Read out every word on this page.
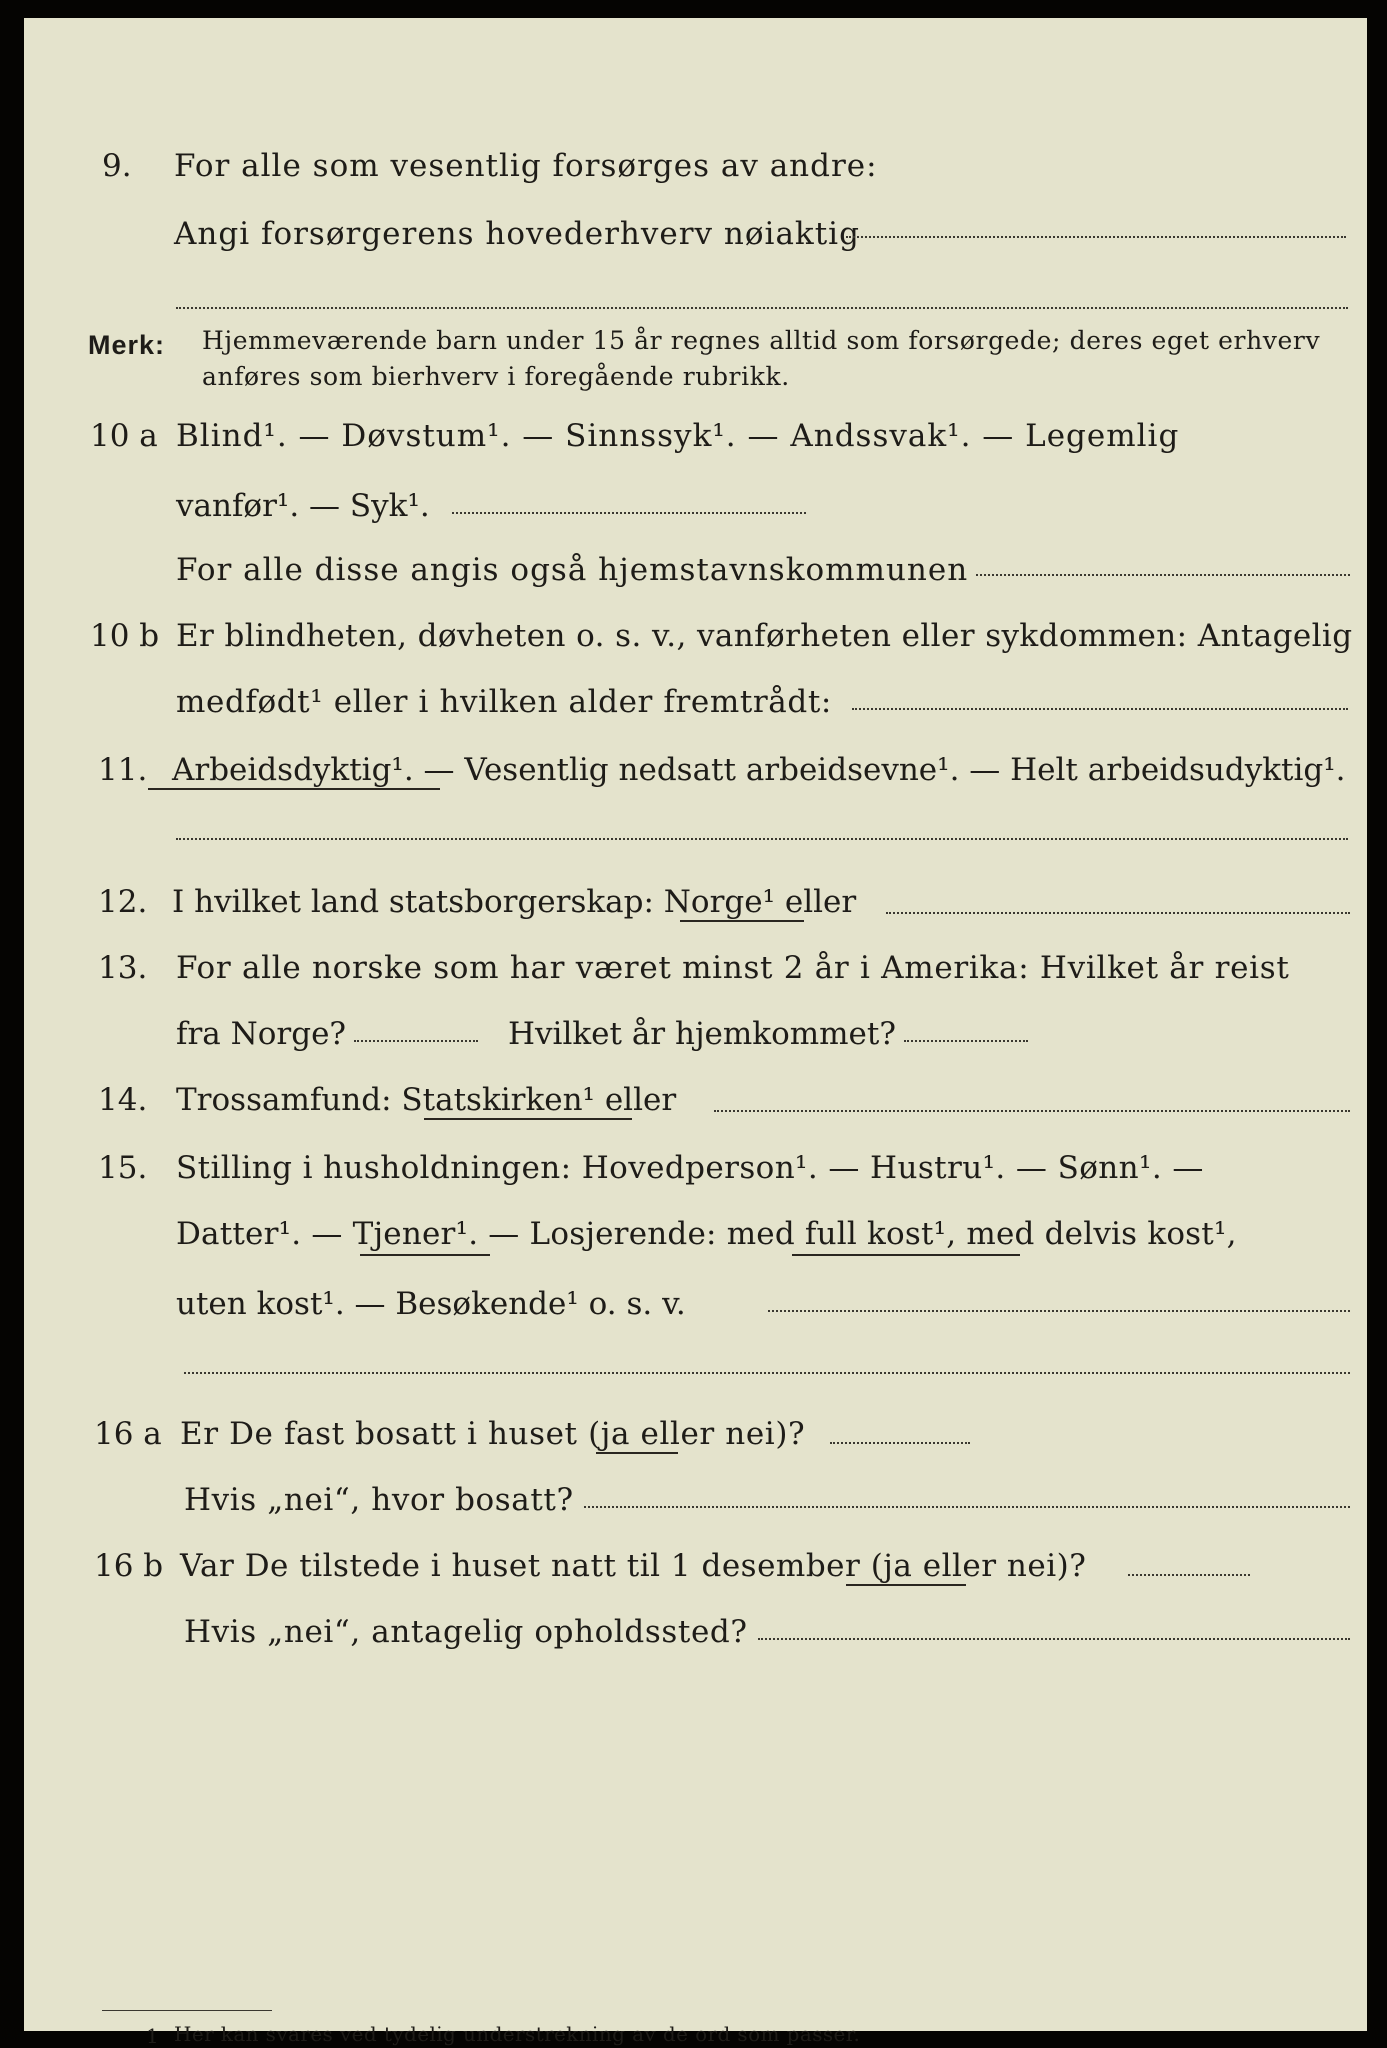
9. For alle som vesentlig forsørges av andre:
Angi forsørgerens hovederhverv nøiaktig
Merk: Hjemmeværende barn under 15 år regnes alltid som forsørgede; deres eget erhverv
anføres som bierhverv i foregående rubrikk.
10 a Blind¹. — Døvstum¹. — Sinnssyk¹. — Andssvak¹. — Legemlig
vanfør¹. — Syk¹.
For alle disse angis også hjemstavnskommunen
10 b Er blindheten, døvheten o. s. v., vanførheten eller sykdommen: Antagelig
medfødt¹ eller i hvilken alder fremtrådt:
11. Arbeidsdyktig¹. — Vesentlig nedsatt arbeidsevne¹. — Helt arbeidsudyktig¹.
12. I hvilket land statsborgerskap: Norge¹ eller
13. For alle norske som har været minst 2 år i Amerika: Hvilket år reist
fra Norge?	Hvilket år hjemkommet?
14. Trossamfund: Statskirken¹ eller
15. Stilling i husholdningen: Hovedperson¹. — Hustru¹. — Sønn¹. —
Datter¹. — Tjener¹. — Losjerende: med full kost¹, med delvis kost¹,
uten kost¹. — Besøkende¹ o. s. v.
16 a Er De fast bosatt i huset (ja eller nei)?
Hvis „nei“, hvor bosatt?
16 b Var De tilstede i huset natt til 1 desember (ja eller nei)?
Hvis „nei“, antagelig opholdssted?
1 Her kan svares ved tydelig understrekning av de ord som passer.
